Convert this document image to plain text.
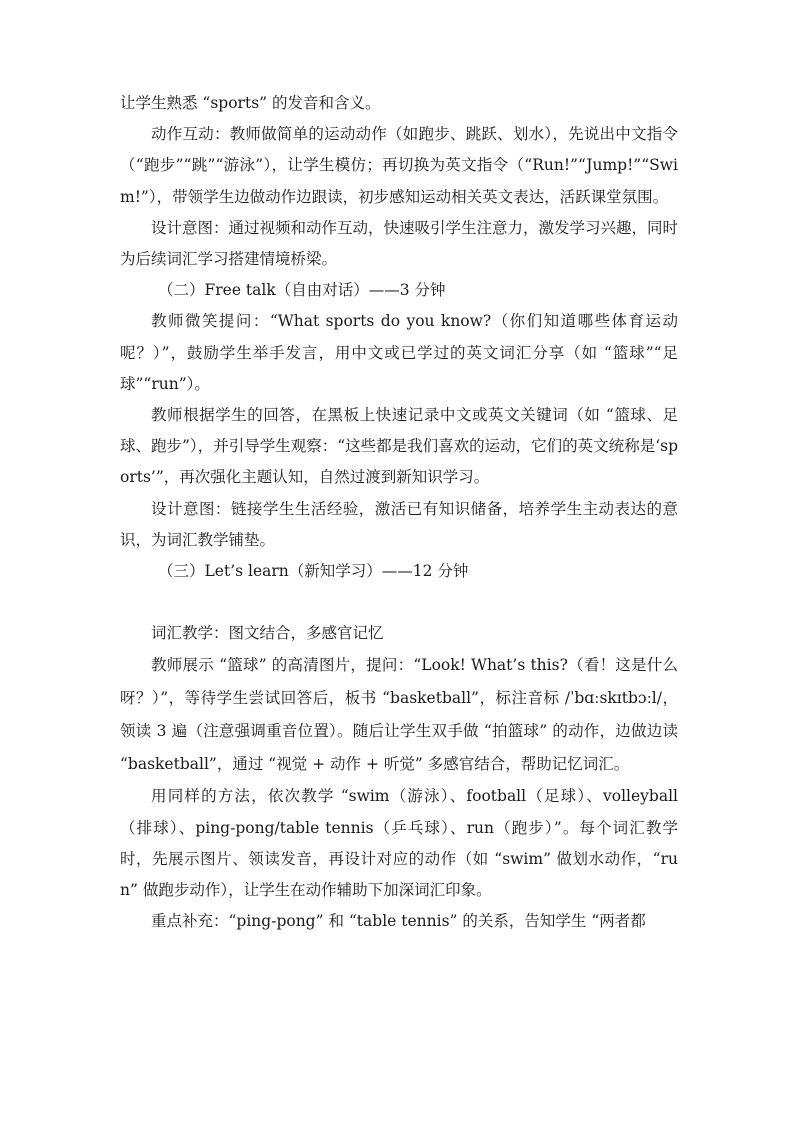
让学生熟悉 “sports” 的发音和含义。

动作互动：教师做简单的运动动作（如跑步、跳跃、划水），先说出中文指令（“跑步”“跳”“游泳”），让学生模仿；再切换为英文指令（“Run!”“Jump!”“Swim!”），带领学生边做动作边跟读，初步感知运动相关英文表达，活跃课堂氛围。

设计意图：通过视频和动作互动，快速吸引学生注意力，激发学习兴趣，同时为后续词汇学习搭建情境桥梁。

（二）Free talk（自由对话）——3 分钟

教师微笑提问：“What sports do you know?（你们知道哪些体育运动呢？）”，鼓励学生举手发言，用中文或已学过的英文词汇分享（如 “篮球”“足球”“run”）。

教师根据学生的回答，在黑板上快速记录中文或英文关键词（如 “篮球、足球、跑步”），并引导学生观察：“这些都是我们喜欢的运动，它们的英文统称是‘sports’”，再次强化主题认知，自然过渡到新知识学习。

设计意图：链接学生生活经验，激活已有知识储备，培养学生主动表达的意识，为词汇教学铺垫。

（三）Let’s learn（新知学习）——12 分钟

词汇教学：图文结合，多感官记忆

教师展示 “篮球” 的高清图片，提问：“Look! What’s this?（看！这是什么呀？）”，等待学生尝试回答后，板书 “basketball”，标注音标 /ˈbɑːskɪtbɔːl/，领读 3 遍（注意强调重音位置）。随后让学生双手做 “拍篮球” 的动作，边做边读 “basketball”，通过 “视觉 + 动作 + 听觉” 多感官结合，帮助记忆词汇。

用同样的方法，依次教学 “swim（游泳）、football（足球）、volleyball（排球）、ping-pong/table tennis（乒乓球）、run（跑步）”。每个词汇教学时，先展示图片、领读发音，再设计对应的动作（如 “swim” 做划水动作，“run” 做跑步动作），让学生在动作辅助下加深词汇印象。

重点补充：“ping-pong” 和 “table tennis” 的关系，告知学生 “两者都
